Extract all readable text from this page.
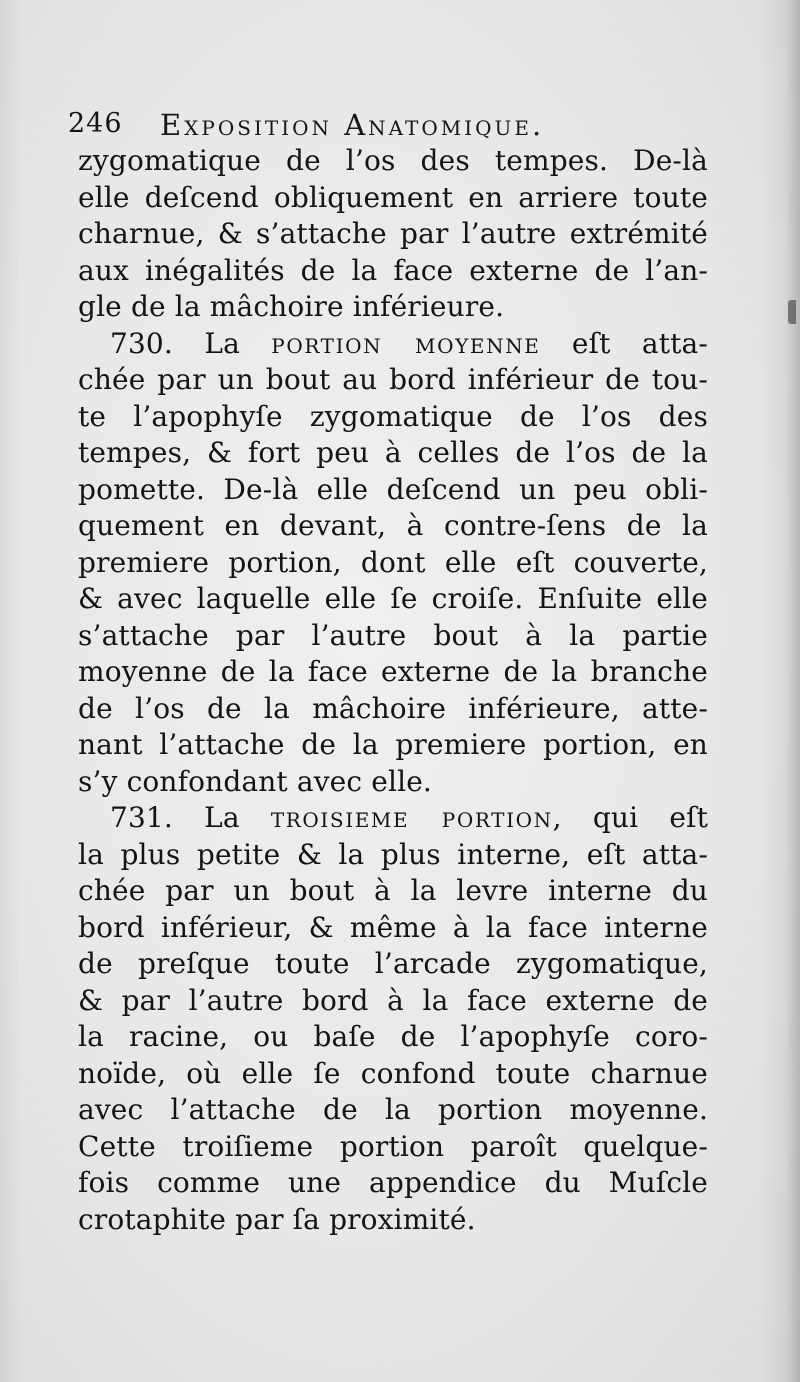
246 Exposition Anatomique.
zygomatique de l’os des tempes. De-là
elle deſcend obliquement en arriere toute
charnue, & s’attache par l’autre extrémité
aux inégalités de la face externe de l’an-
gle de la mâchoire inférieure.
730. La portion moyenne eſt atta-
chée par un bout au bord inférieur de tou-
te l’apophyſe zygomatique de l’os des
tempes, & fort peu à celles de l’os de la
pomette. De-là elle deſcend un peu obli-
quement en devant, à contre-ſens de la
premiere portion, dont elle eſt couverte,
& avec laquelle elle ſe croiſe. Enſuite elle
s’attache par l’autre bout à la partie
moyenne de la face externe de la branche
de l’os de la mâchoire inférieure, atte-
nant l’attache de la premiere portion, en
s’y confondant avec elle.
731. La troisieme portion, qui eſt
la plus petite & la plus interne, eſt atta-
chée par un bout à la levre interne du
bord inférieur, & même à la face interne
de preſque toute l’arcade zygomatique,
& par l’autre bord à la face externe de
la racine, ou baſe de l’apophyſe coro-
noïde, où elle ſe confond toute charnue
avec l’attache de la portion moyenne.
Cette troiſieme portion paroît quelque-
fois comme une appendice du Muſcle
crotaphite par ſa proximité.
